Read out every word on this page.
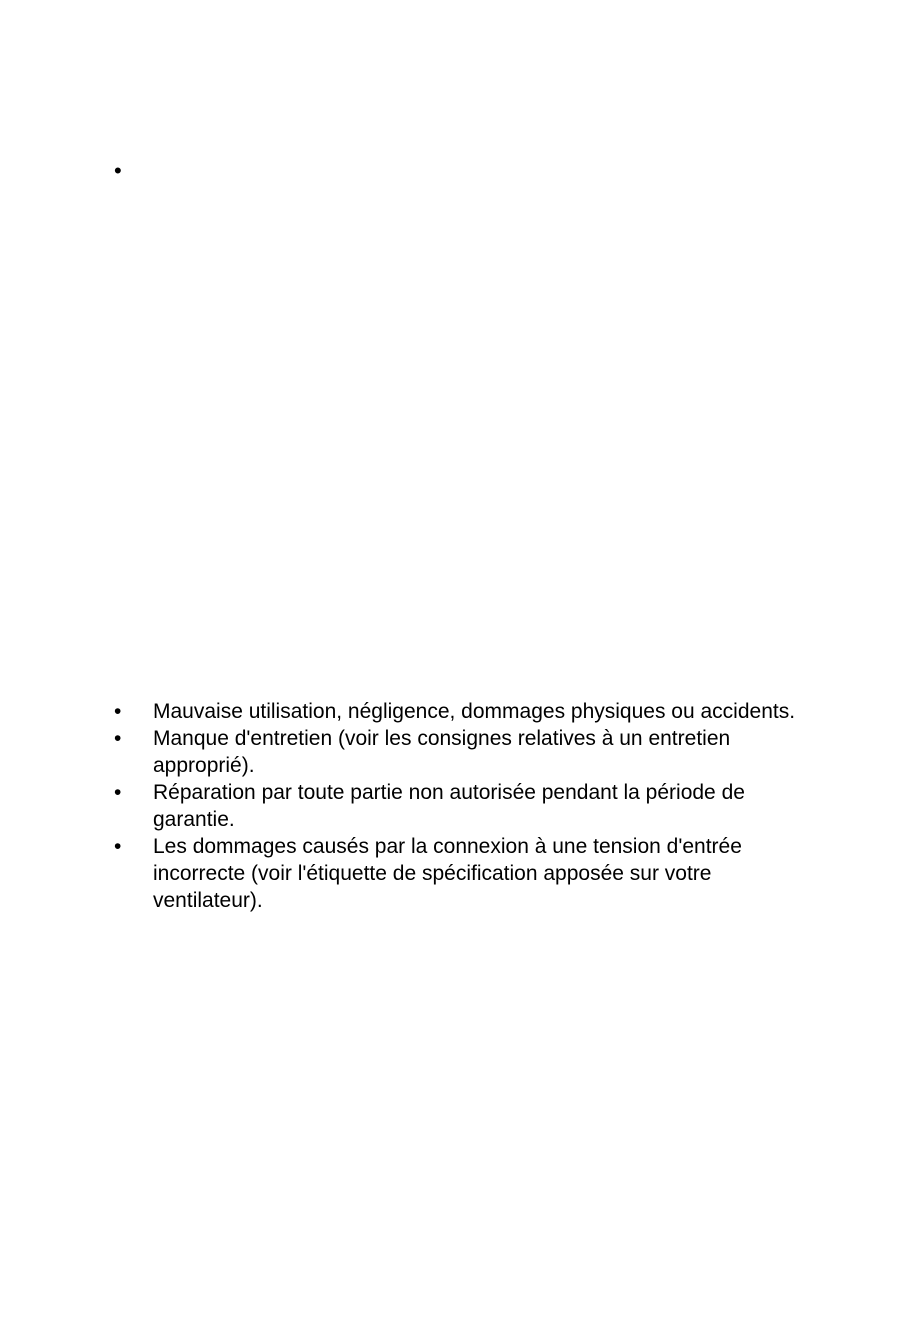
•
• Mauvaise utilisation, négligence, dommages physiques ou accidents.
• Manque d'entretien (voir les consignes relatives à un entretien
approprié).
• Réparation par toute partie non autorisée pendant la période de
garantie.
• Les dommages causés par la connexion à une tension d'entrée
incorrecte (voir l'étiquette de spécification apposée sur votre
ventilateur).
